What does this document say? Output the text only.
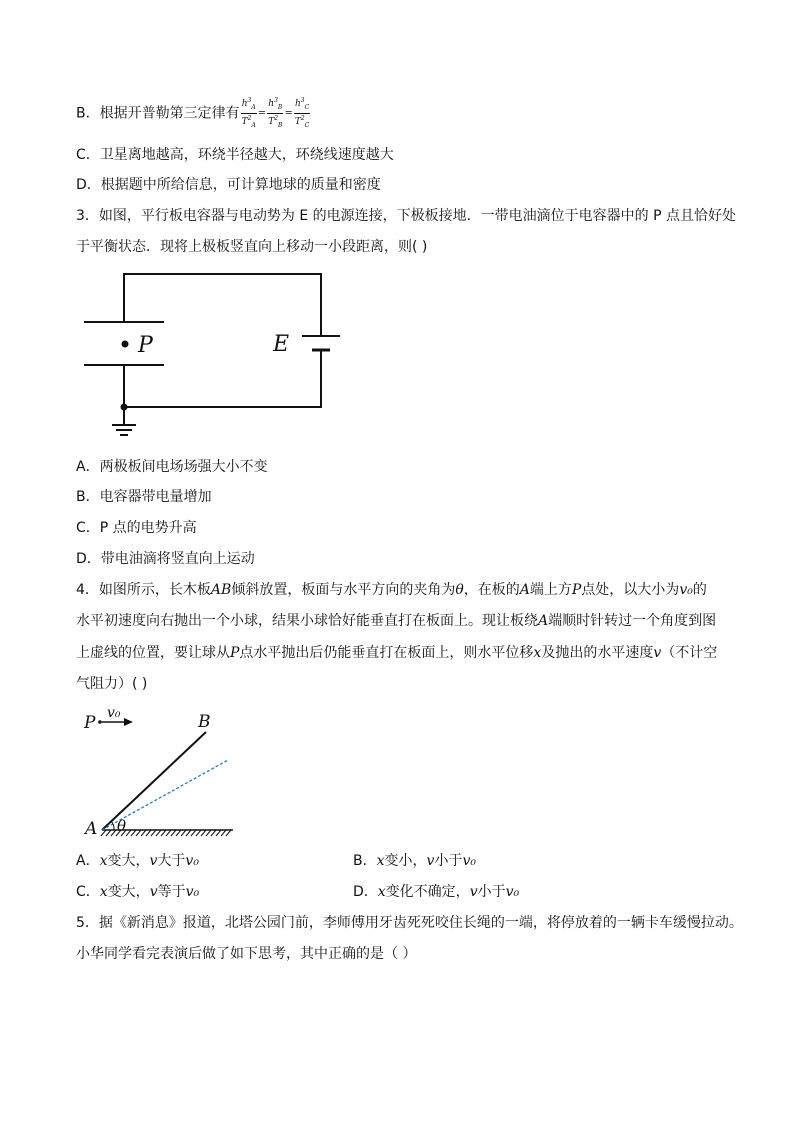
B．根据开普勒第三定律有 $\frac{h^3_A}{T^2_A} = \frac{h^3_B}{T^2_B} = \frac{h^3_C}{T^2_C}$
C．卫星离地越高，环绕半径越大，环绕线速度越大
D．根据题中所给信息，可计算地球的质量和密度
3．如图，平行板电容器与电动势为 E 的电源连接，下极板接地．一带电油滴位于电容器中的 P 点且恰好处
于平衡状态．现将上极板竖直向上移动一小段距离，则( )
P	E
A．两极板间电场场强大小不变
B．电容器带电量增加
C．P 点的电势升高
D．带电油滴将竖直向上运动
4．如图所示，长木板AB倾斜放置，板面与水平方向的夹角为θ，在板的A端上方P点处，以大小为v₀的
水平初速度向右抛出一个小球，结果小球恰好能垂直打在板面上。现让板绕A端顺时针转过一个角度到图
上虚线的位置，要让球从P点水平抛出后仍能垂直打在板面上，则水平位移x及抛出的水平速度v（不计空
气阻力）( )
P v₀	B
A θ
A．x变大，v大于v₀	B．x变小，v小于v₀
C．x变大，v等于v₀	D．x变化不确定，v小于v₀
5．据《新消息》报道，北塔公园门前，李师傅用牙齿死死咬住长绳的一端，将停放着的一辆卡车缓慢拉动。
小华同学看完表演后做了如下思考，其中正确的是（ ）
